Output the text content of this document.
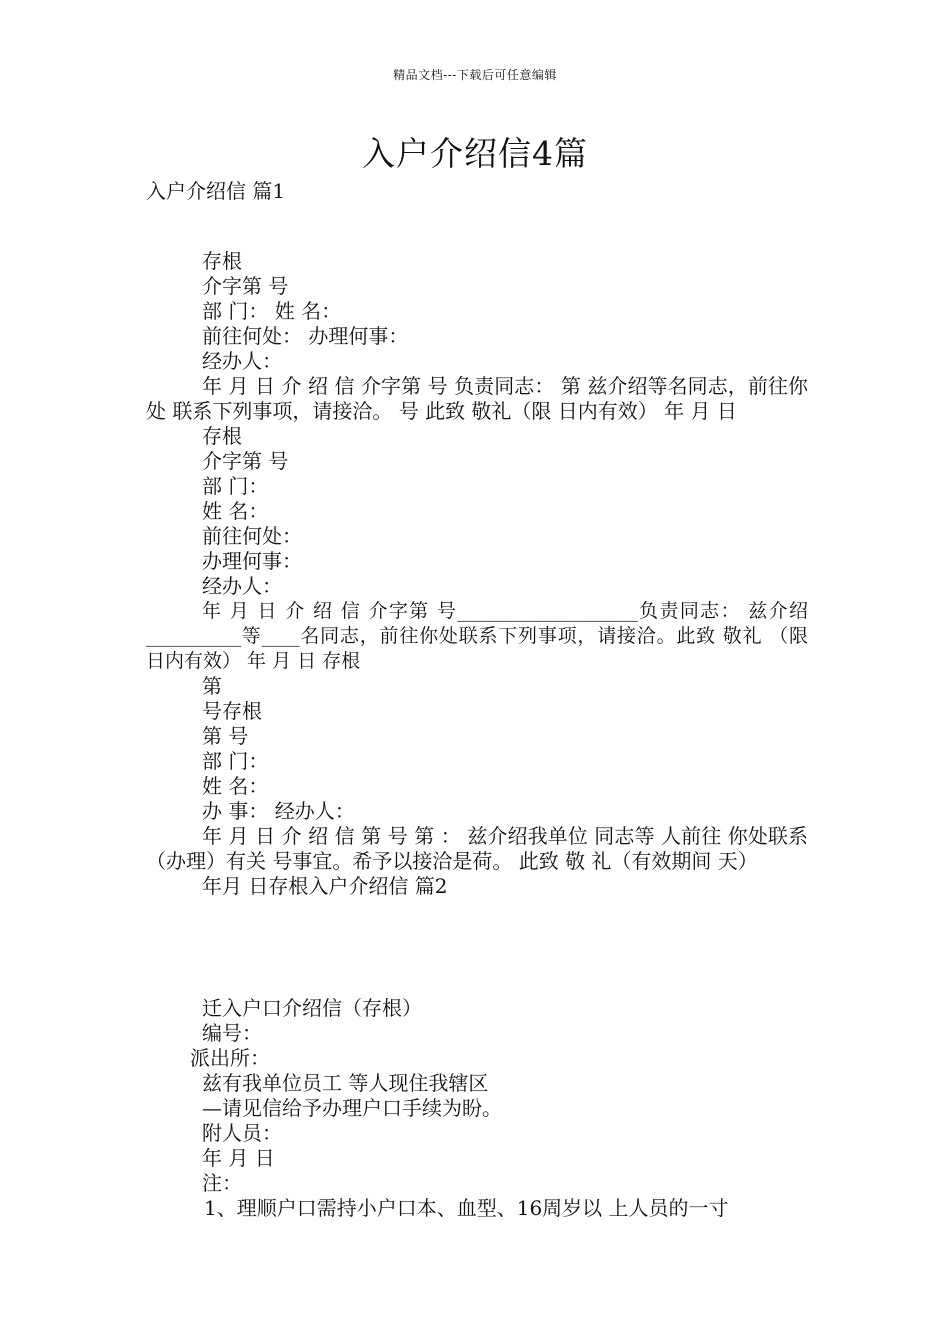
精品文档---下载后可任意编辑
入户介绍信4篇
入户介绍信 篇1
存根
介字第 号
部 门： 姓 名：
前往何处： 办理何事：
经办人：
年 月 日 介 绍 信 介字第 号 负责同志： 第 兹介绍等名同志，前往你处 联系下列事项，请接洽。 号 此致 敬礼（限 日内有效） 年 月 日
存根
介字第 号
部 门：
姓 名：
前往何处：
办理何事：
经办人：
年 月 日 介 绍 信 介字第 号___________________负责同志： 兹介绍__________等____名同志，前往你处联系下列事项，请接洽。此致 敬礼 （限 日内有效） 年 月 日 存根
第
号存根
第 号
部 门：
姓 名：
办 事： 经办人：
年 月 日 介 绍 信 第 号 第 ： 兹介绍我单位 同志等 人前往 你处联系（办理）有关 号事宜。希予以接洽是荷。 此致 敬 礼（有效期间 天）
年月 日存根入户介绍信 篇2
迁入户口介绍信（存根）
编号：
派出所：
兹有我单位员工 等人现住我辖区
—请见信给予办理户口手续为盼。
附人员：
年 月 日
注：
1、理顺户口需持小户口本、血型、16周岁以 上人员的一寸
